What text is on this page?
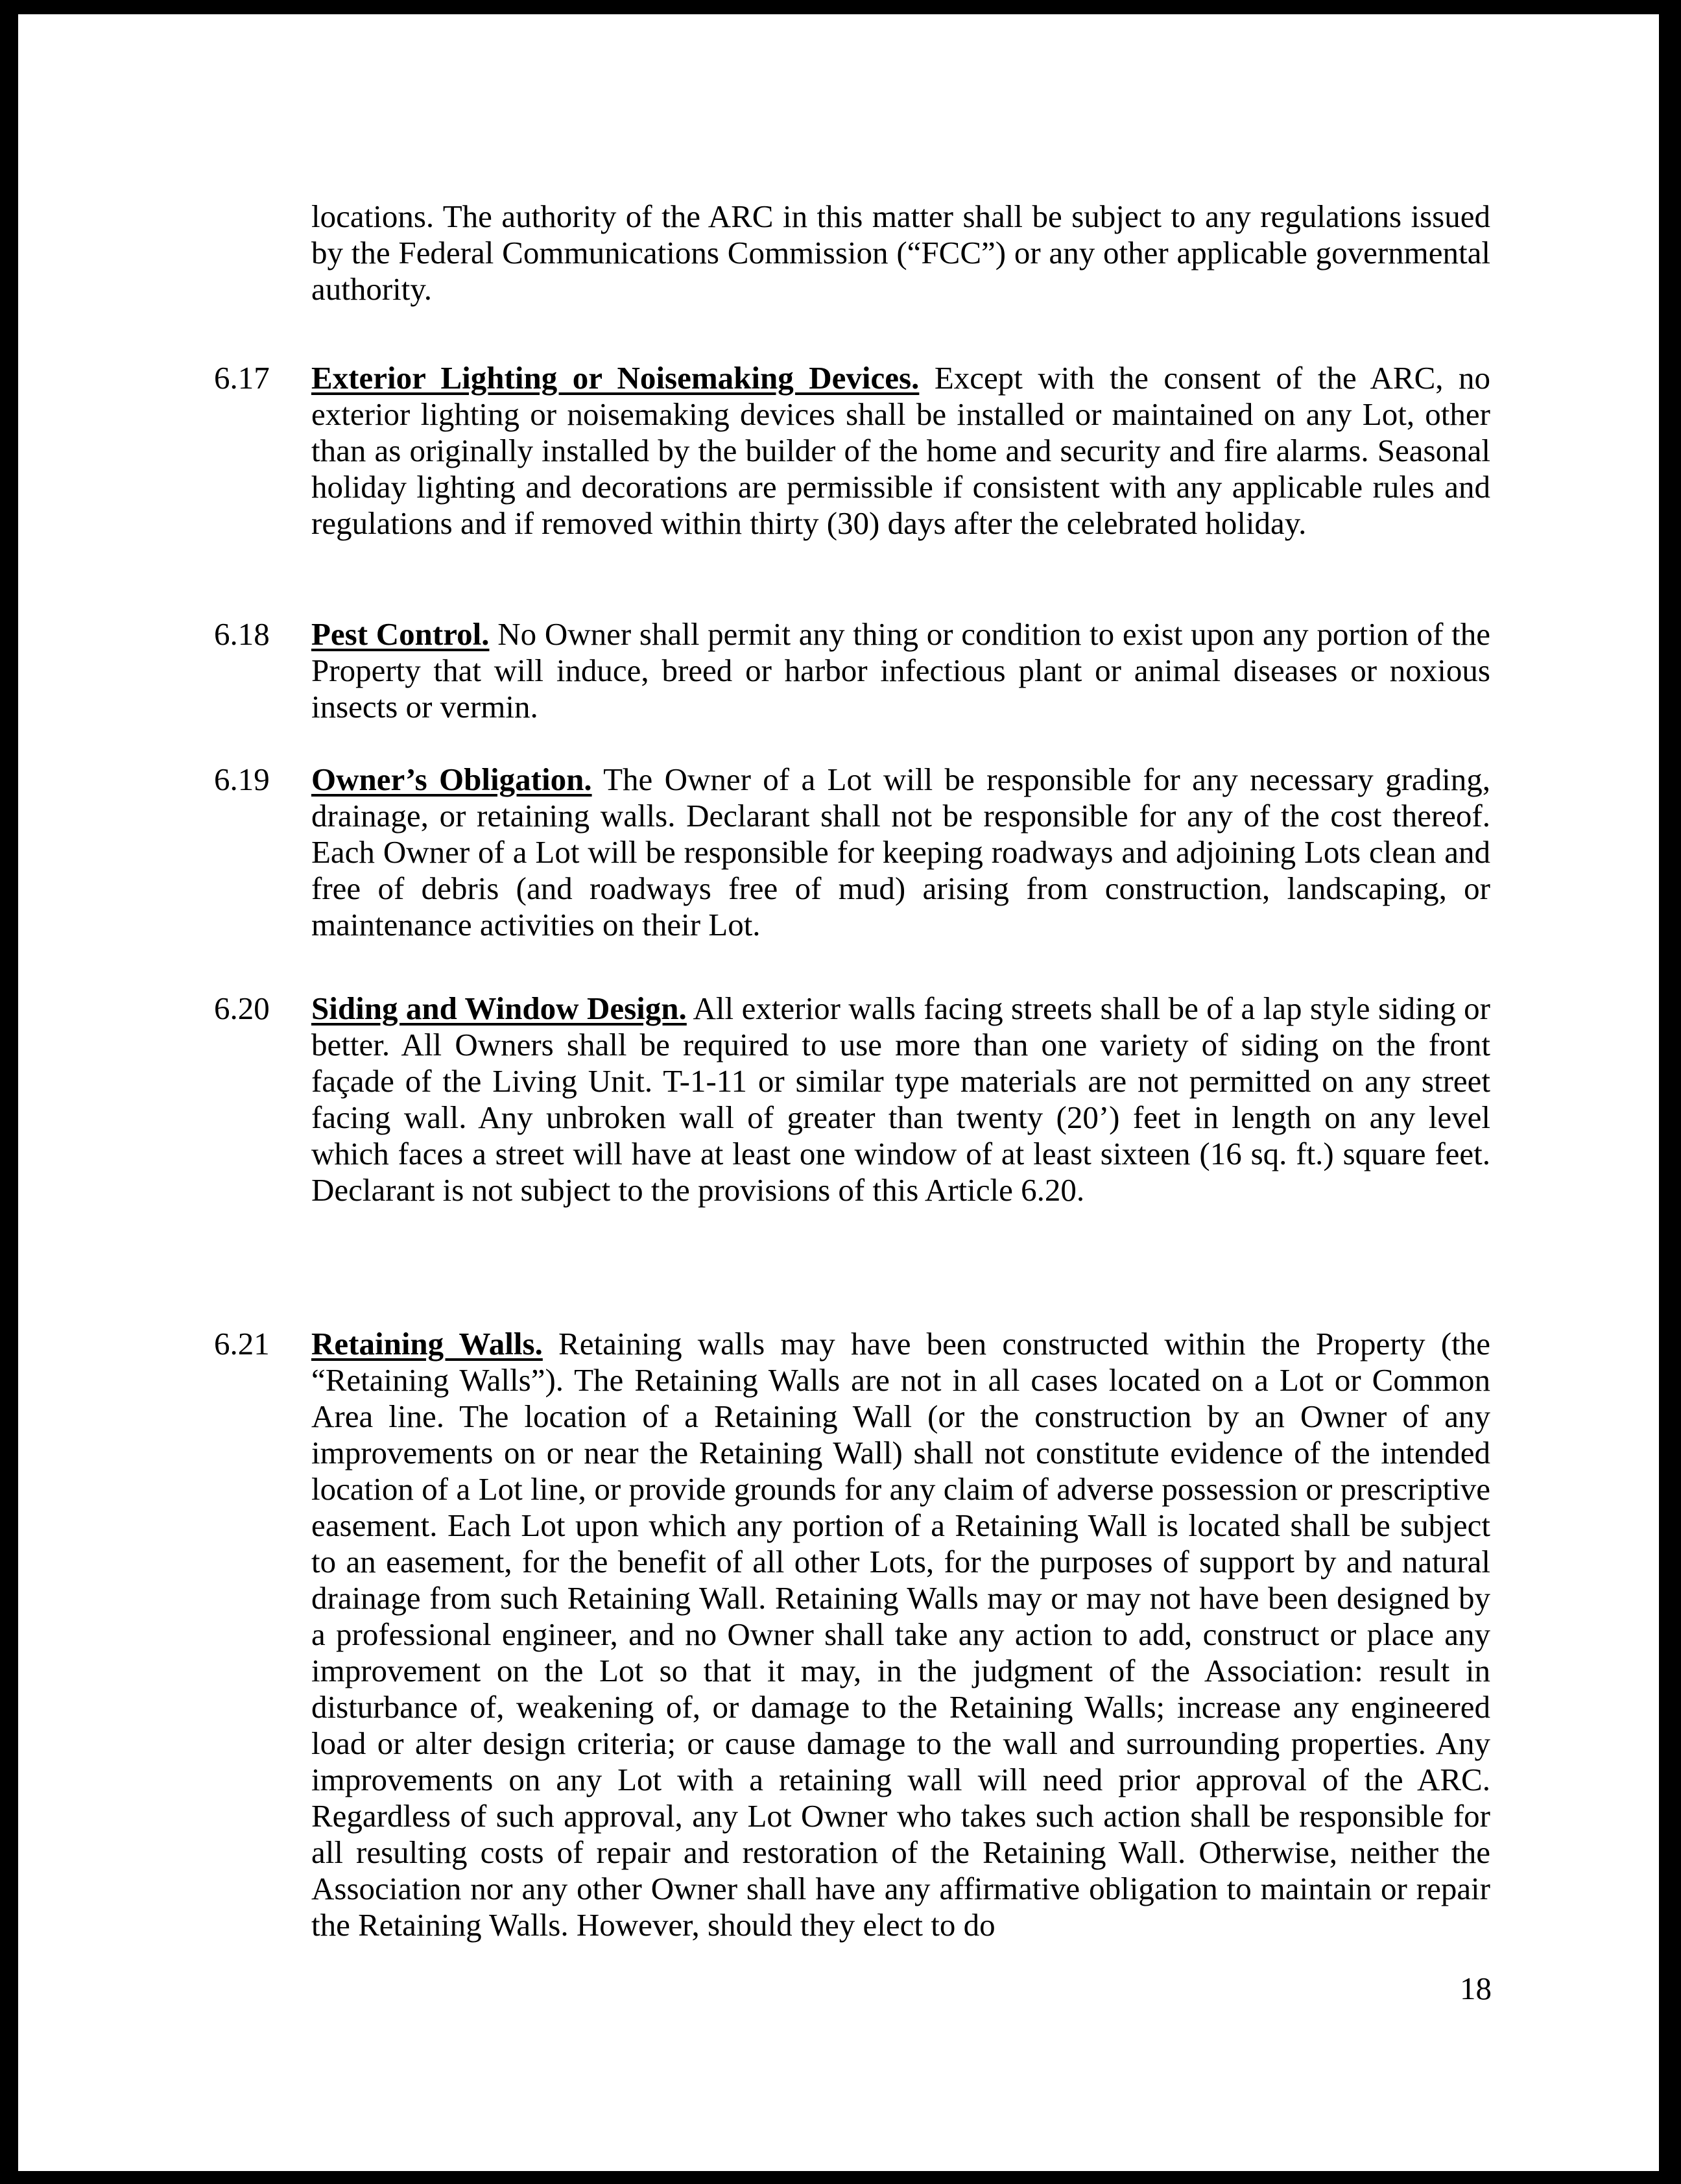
locations. The authority of the ARC in this matter shall be subject to any regulations issued by the Federal Communications Commission (“FCC”) or any other applicable governmental authority.

6.17	Exterior Lighting or Noisemaking Devices. Except with the consent of the ARC, no exterior lighting or noisemaking devices shall be installed or maintained on any Lot, other than as originally installed by the builder of the home and security and fire alarms. Seasonal holiday lighting and decorations are permissible if consistent with any applicable rules and regulations and if removed within thirty (30) days after the celebrated holiday.

6.18	Pest Control. No Owner shall permit any thing or condition to exist upon any portion of the Property that will induce, breed or harbor infectious plant or animal diseases or noxious insects or vermin.

6.19	Owner’s Obligation. The Owner of a Lot will be responsible for any necessary grading, drainage, or retaining walls. Declarant shall not be responsible for any of the cost thereof. Each Owner of a Lot will be responsible for keeping roadways and adjoining Lots clean and free of debris (and roadways free of mud) arising from construction, landscaping, or maintenance activities on their Lot.

6.20	Siding and Window Design. All exterior walls facing streets shall be of a lap style siding or better. All Owners shall be required to use more than one variety of siding on the front façade of the Living Unit. T-1-11 or similar type materials are not permitted on any street facing wall. Any unbroken wall of greater than twenty (20’) feet in length on any level which faces a street will have at least one window of at least sixteen (16 sq. ft.) square feet. Declarant is not subject to the provisions of this Article 6.20.

6.21	Retaining Walls. Retaining walls may have been constructed within the Property (the “Retaining Walls”). The Retaining Walls are not in all cases located on a Lot or Common Area line. The location of a Retaining Wall (or the construction by an Owner of any improvements on or near the Retaining Wall) shall not constitute evidence of the intended location of a Lot line, or provide grounds for any claim of adverse possession or prescriptive easement. Each Lot upon which any portion of a Retaining Wall is located shall be subject to an easement, for the benefit of all other Lots, for the purposes of support by and natural drainage from such Retaining Wall. Retaining Walls may or may not have been designed by a professional engineer, and no Owner shall take any action to add, construct or place any improvement on the Lot so that it may, in the judgment of the Association: result in disturbance of, weakening of, or damage to the Retaining Walls; increase any engineered load or alter design criteria; or cause damage to the wall and surrounding properties. Any improvements on any Lot with a retaining wall will need prior approval of the ARC. Regardless of such approval, any Lot Owner who takes such action shall be responsible for all resulting costs of repair and restoration of the Retaining Wall. Otherwise, neither the Association nor any other Owner shall have any affirmative obligation to maintain or repair the Retaining Walls. However, should they elect to do

18
